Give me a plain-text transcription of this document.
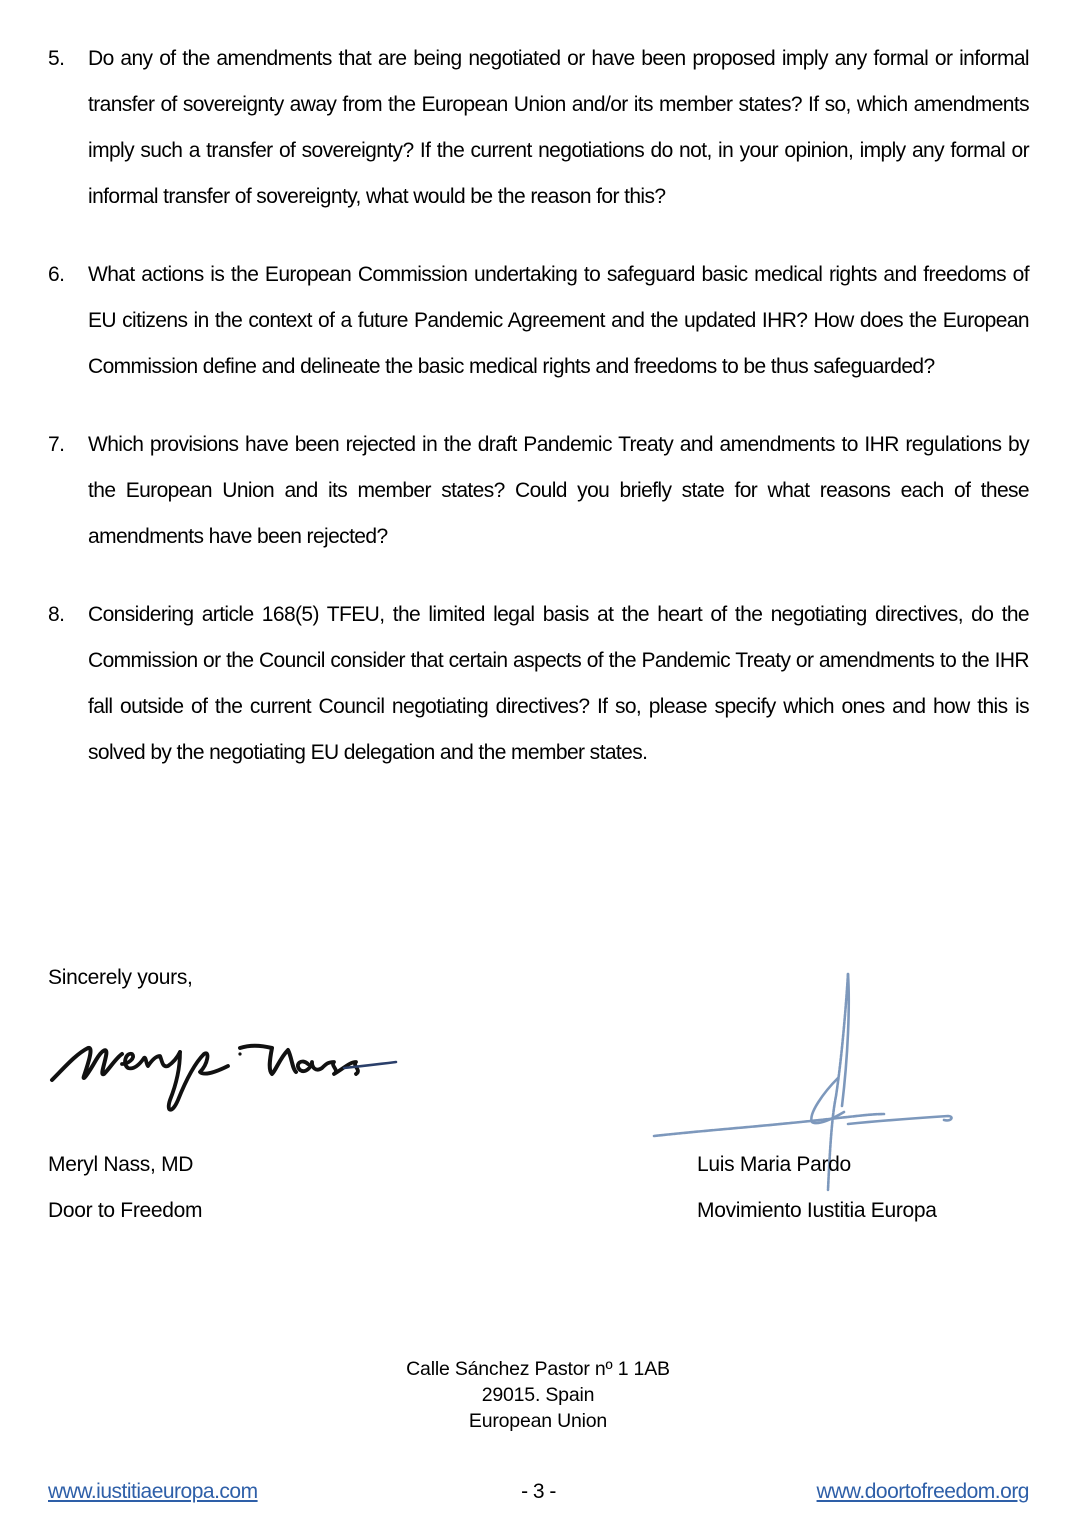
5.	Do any of the amendments that are being negotiated or have been proposed imply any formal or informal transfer of sovereignty away from the European Union and/or its member states? If so, which amendments imply such a transfer of sovereignty? If the current negotiations do not, in your opinion, imply any formal or informal transfer of sovereignty, what would be the reason for this?
6.	What actions is the European Commission undertaking to safeguard basic medical rights and freedoms of EU citizens in the context of a future Pandemic Agreement and the updated IHR? How does the European Commission define and delineate the basic medical rights and freedoms to be thus safeguarded?
7.	Which provisions have been rejected in the draft Pandemic Treaty and amendments to IHR regulations by the European Union and its member states? Could you briefly state for what reasons each of these amendments have been rejected?
8.	Considering article 168(5) TFEU, the limited legal basis at the heart of the negotiating directives, do the Commission or the Council consider that certain aspects of the Pandemic Treaty or amendments to the IHR fall outside of the current Council negotiating directives? If so, please specify which ones and how this is solved by the negotiating EU delegation and the member states.
Sincerely yours,
Meryl Nass, MD
Door to Freedom
Luis Maria Pardo
Movimiento Iustitia Europa
Calle Sánchez Pastor nº 1 1AB
29015. Spain
European Union
www.iustitiaeuropa.com	- 3 -	www.doortofreedom.org
